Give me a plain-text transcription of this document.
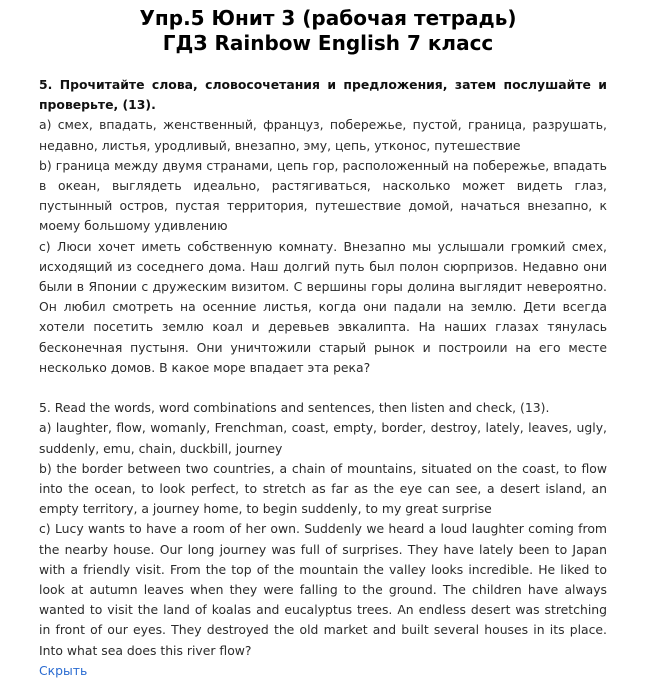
Упр.5 Юнит 3 (рабочая тетрадь)
ГДЗ Rainbow English 7 класс

5. Прочитайте слова, словосочетания и предложения, затем послушайте и проверьте, (13).

а) смех, впадать, женственный, француз, побережье, пустой, граница, разрушать, недавно, листья, уродливый, внезапно, эму, цепь, утконос, путешествие

b) граница между двумя странами, цепь гор, расположенный на побережье, впадать в океан, выглядеть идеально, растягиваться, насколько может видеть глаз, пустынный остров, пустая территория, путешествие домой, начаться внезапно, к моему большому удивлению

с) Люси хочет иметь собственную комнату. Внезапно мы услышали громкий смех, исходящий из соседнего дома. Наш долгий путь был полон сюрпризов. Недавно они были в Японии с дружеским визитом. С вершины горы долина выглядит невероятно. Он любил смотреть на осенние листья, когда они падали на землю. Дети всегда хотели посетить землю коал и деревьев эвкалипта. На наших глазах тянулась бесконечная пустыня. Они уничтожили старый рынок и построили на его месте несколько домов. В какое море впадает эта река?

5. Read the words, word combinations and sentences, then listen and check, (13).

a) laughter, flow, womanly, Frenchman, coast, empty, border, destroy, lately, leaves, ugly, suddenly, emu, chain, duckbill, journey

b) the border between two countries, a chain of mountains, situated on the coast, to flow into the ocean, to look perfect, to stretch as far as the eye can see, a desert island, an empty territory, a journey home, to begin suddenly, to my great surprise

c) Lucy wants to have a room of her own. Suddenly we heard a loud laughter coming from the nearby house. Our long journey was full of surprises. They have lately been to Japan with a friendly visit. From the top of the mountain the valley looks incredible. He liked to look at autumn leaves when they were falling to the ground. The children have always wanted to visit the land of koalas and eucalyptus trees. An endless desert was stretching in front of our eyes. They destroyed the old market and built several houses in its place. Into what sea does this river flow?

Скрыть
